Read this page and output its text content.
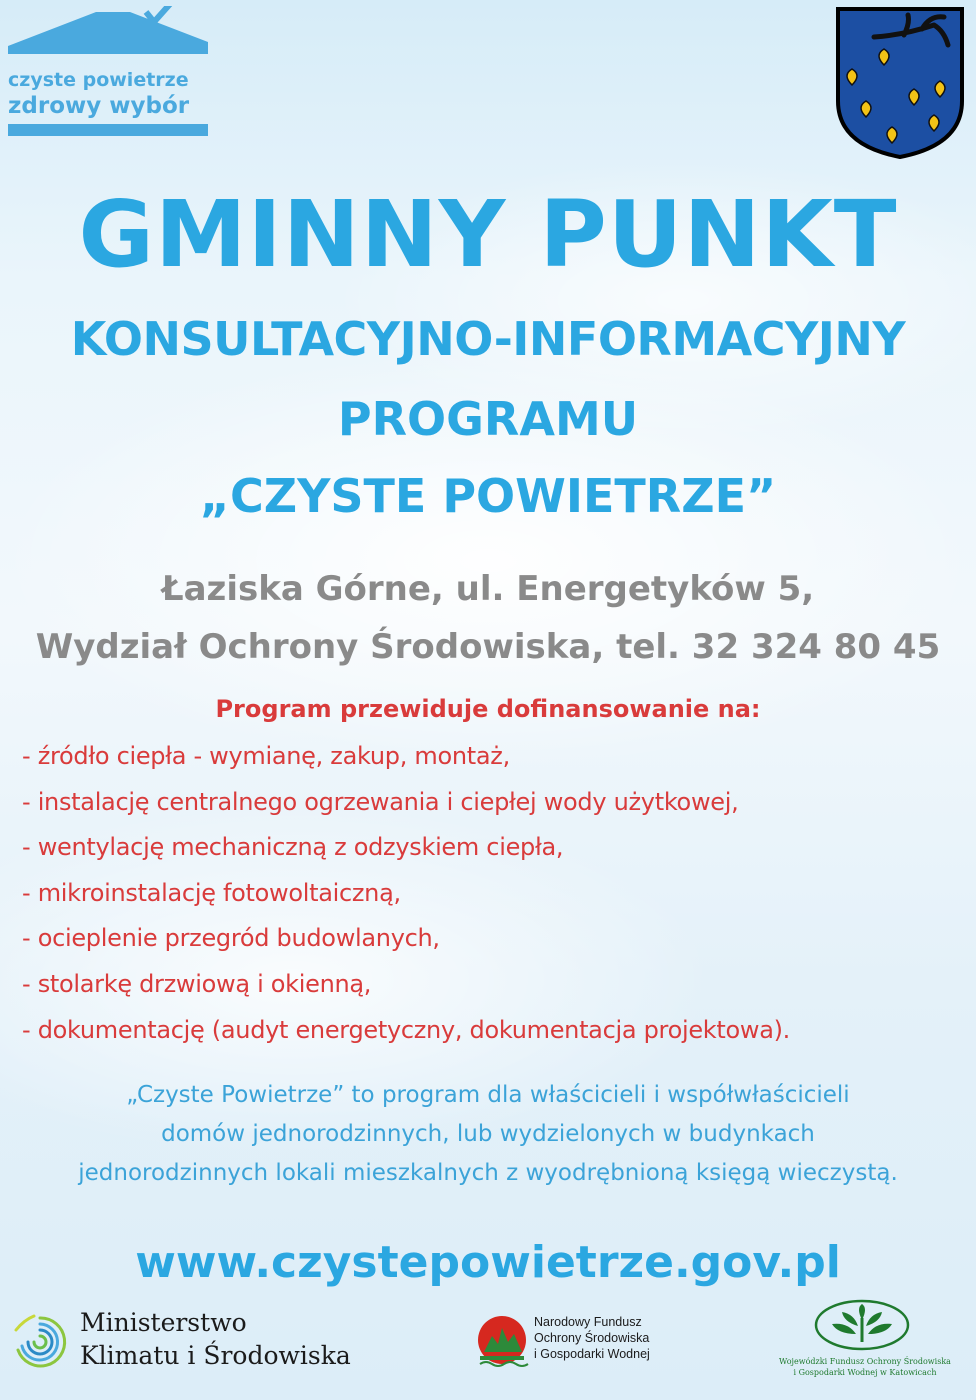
czyste powietrze
zdrowy wybór
GMINNY PUNKT
KONSULTACYJNO-INFORMACYJNY
PROGRAMU
„CZYSTE POWIETRZE”
Łaziska Górne, ul. Energetyków 5,
Wydział Ochrony Środowiska, tel. 32 324 80 45
Program przewiduje dofinansowanie na:
- źródło ciepła - wymianę, zakup, montaż,
- instalację centralnego ogrzewania i ciepłej wody użytkowej,
- wentylację mechaniczną z odzyskiem ciepła,
- mikroinstalację fotowoltaiczną,
- ocieplenie przegród budowlanych,
- stolarkę drzwiową i okienną,
- dokumentację (audyt energetyczny, dokumentacja projektowa).
„Czyste Powietrze” to program dla właścicieli i współwłaścicieli
domów jednorodzinnych, lub wydzielonych w budynkach
jednorodzinnych lokali mieszkalnych z wyodrębnioną księgą wieczystą.
www.czystepowietrze.gov.pl
Ministerstwo
Klimatu i Środowiska
Narodowy Fundusz
Ochrony Środowiska
i Gospodarki Wodnej
Wojewódzki Fundusz Ochrony Środowiska
i Gospodarki Wodnej w Katowicach
